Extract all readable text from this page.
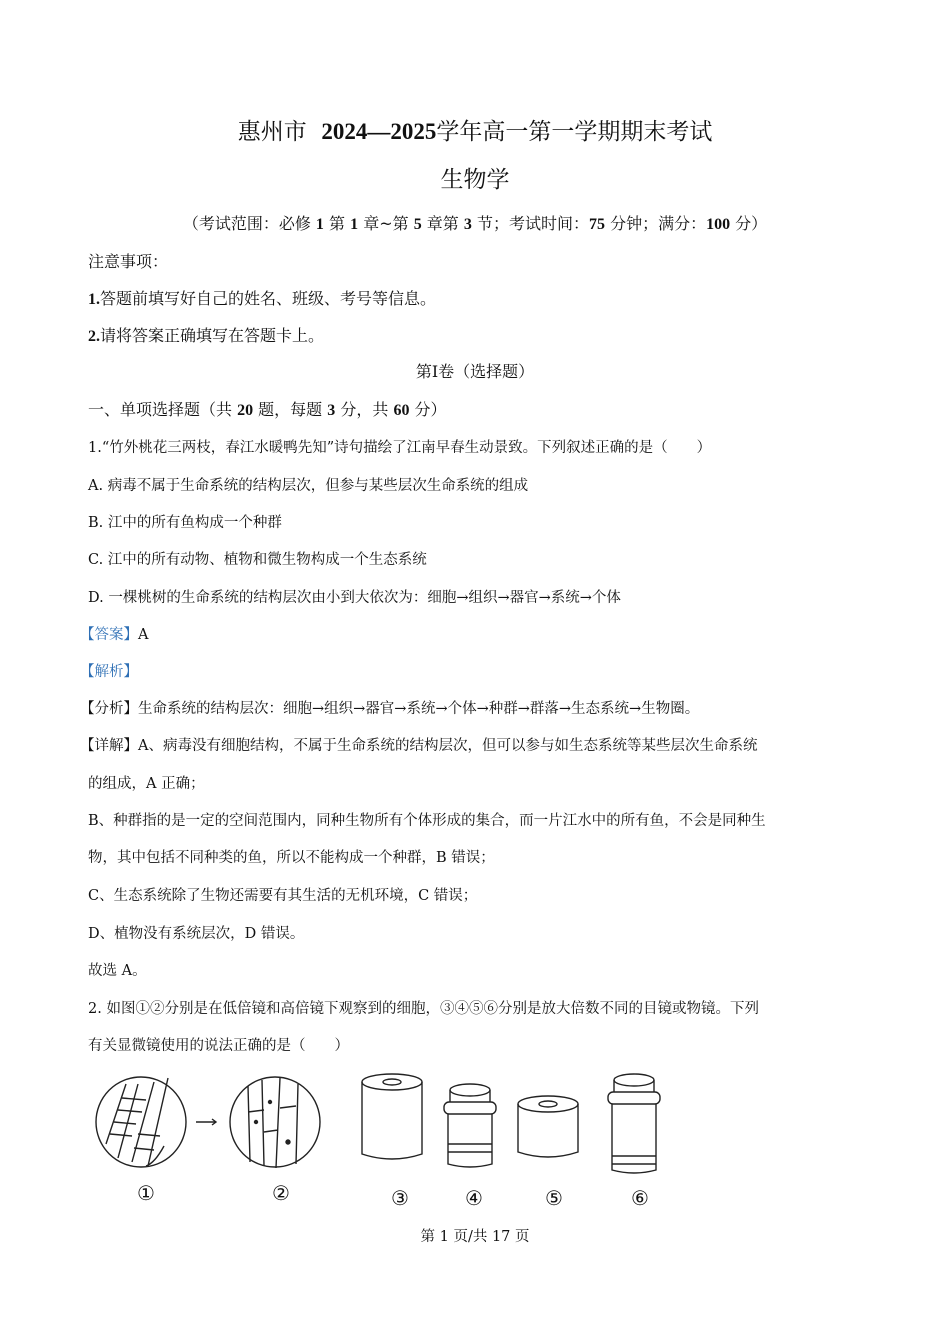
惠州市 2024—2025学年高一第一学期期末考试
生物学
（考试范围：必修 1 第 1 章~第 5 章第 3 节；考试时间：75 分钟；满分：100 分）
注意事项：
1.答题前填写好自己的姓名、班级、考号等信息。
2.请将答案正确填写在答题卡上。
第Ⅰ卷（选择题）
一、单项选择题（共 20 题，每题 3 分，共 60 分）
1.“竹外桃花三两枝，春江水暖鸭先知”诗句描绘了江南早春生动景致。下列叙述正确的是（　　）
A. 病毒不属于生命系统的结构层次，但参与某些层次生命系统的组成
B. 江中的所有鱼构成一个种群
C. 江中的所有动物、植物和微生物构成一个生态系统
D. 一棵桃树的生命系统的结构层次由小到大依次为：细胞→组织→器官→系统→个体
【答案】A
【解析】
【分析】生命系统的结构层次：细胞→组织→器官→系统→个体→种群→群落→生态系统→生物圈。
【详解】A、病毒没有细胞结构，不属于生命系统的结构层次，但可以参与如生态系统等某些层次生命系统
的组成，A 正确；
B、种群指的是一定的空间范围内，同种生物所有个体形成的集合，而一片江水中的所有鱼，不会是同种生
物，其中包括不同种类的鱼，所以不能构成一个种群，B 错误；
C、生态系统除了生物还需要有其生活的无机环境，C 错误；
D、植物没有系统层次，D 错误。
故选 A。
2. 如图①②分别是在低倍镜和高倍镜下观察到的细胞，③④⑤⑥分别是放大倍数不同的目镜或物镜。下列
有关显微镜使用的说法正确的是（　　）
①	②	③	④	⑤	⑥
第 1 页/共 17 页
